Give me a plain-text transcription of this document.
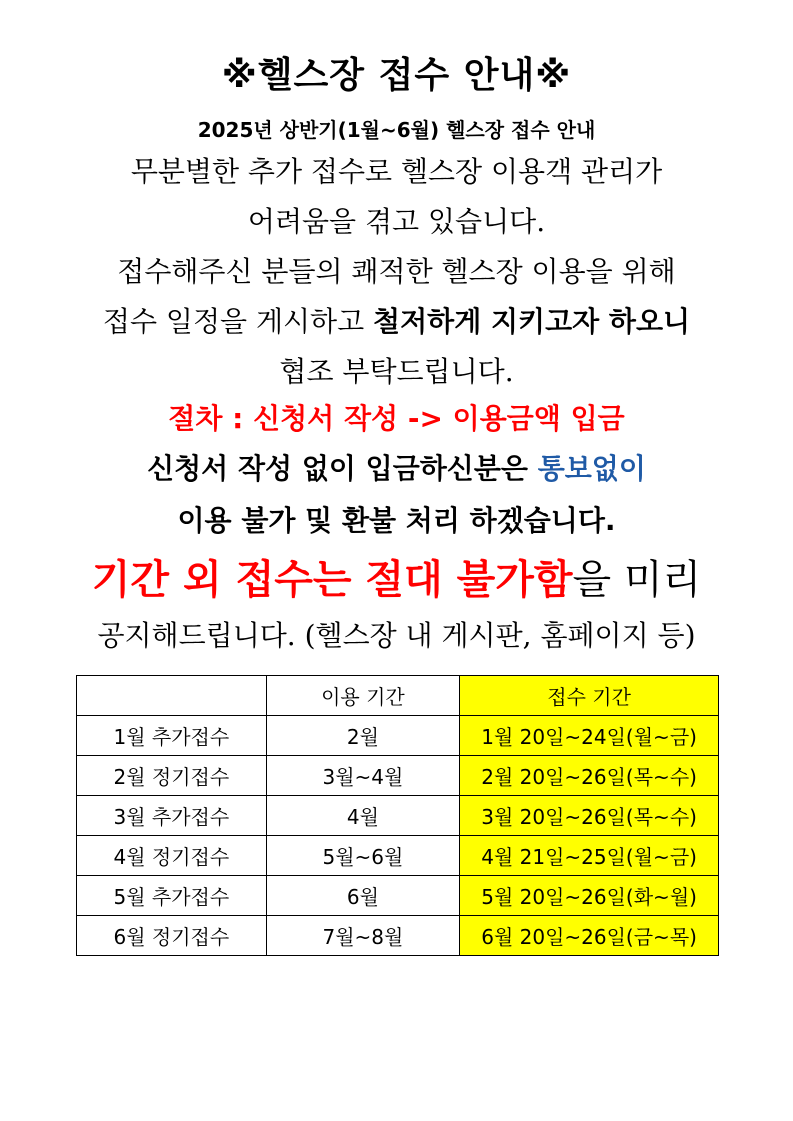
※헬스장 접수 안내※
2025년 상반기(1월~6월) 헬스장 접수 안내
무분별한 추가 접수로 헬스장 이용객 관리가
어려움을 겪고 있습니다.
접수해주신 분들의 쾌적한 헬스장 이용을 위해
접수 일정을 게시하고 철저하게 지키고자 하오니
협조 부탁드립니다.
절차 : 신청서 작성 -> 이용금액 입금
신청서 작성 없이 입금하신분은 통보없이
이용 불가 및 환불 처리 하겠습니다.
기간 외 접수는 절대 불가함을 미리
공지해드립니다. (헬스장 내 게시판, 홈페이지 등)
	이용 기간	접수 기간
1월 추가접수	2월	1월 20일~24일(월~금)
2월 정기접수	3월~4월	2월 20일~26일(목~수)
3월 추가접수	4월	3월 20일~26일(목~수)
4월 정기접수	5월~6월	4월 21일~25일(월~금)
5월 추가접수	6월	5월 20일~26일(화~월)
6월 정기접수	7월~8월	6월 20일~26일(금~목)
